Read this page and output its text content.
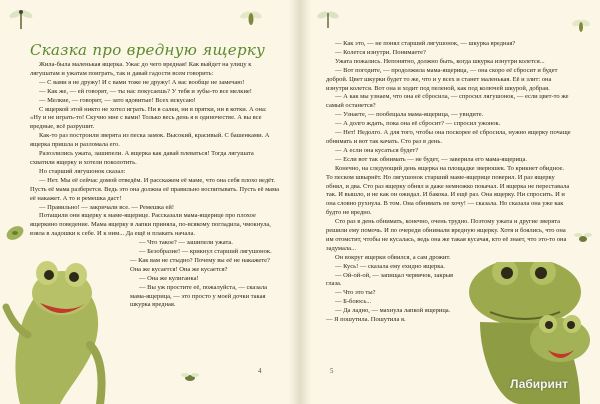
Сказка про вредную ящерку

Жила-была маленькая ящерка. Ужас до чего вредная! Как выйдет на улицу к лягушатам и ужатам поиграть, так и давай гадости всем говорить:

— С вами я не дружу! И с вами тоже не дружу! А вас вообще не замечаю!

— Как же, — ей говорят, — ты нас покусаешь? У тебя и зубы-то все мелкие!

— Мелкие, — говорит, — зато ядовитые! Всех искусаю!

С ящеркой этой никто не хотел играть. Ни в салки, ни в прятки, ни в котки. А она: «Ну и не играть-то! Скучно мне с вами! Только весь день я в одиночестве. А вы все вредные, всё разрушит.

Как-то раз построили зверята из песка замок. Высокий, красивый. С башенками. А ящерка пришла и разломала его.

Разозлились ужата, зашипели. А ящерка как давай плеваться! Тогда лягушата схватили ящерку и хотели поколотить.

Но старший лягушонок сказал:

— Нет. Мы её сейчас домой отведём. И расскажем её маме, что она себя плохо ведёт. Пусть её мама разберется. Ведь это она должна её правильно воспитывать. Пусть её мама её накажет. А то и ремешка даст!

— Правильно! — закричали все. — Ремешка ей!

Потащили они ящерку к маме-ящерице. Рассказали мама-ящерице про плохое ящеркино поведение. Мама ящерку в лапки приняла, по-всякому погладила, чмокнула, взяла в ладошки к себе. И к ним... Да ещё и плакать начала.

— Что такое? — зашипели ужата.

— Безобразие! — крикнул старший лягушонок. — Как вам не стыдно? Почему вы её не накажете? Она же кусается! Она же кусается?

— Она же кулиганка!

— Вы уж простите её, пожалуйста, — сказала мама-ящерица, — это просто у моей дочки такая шкурка вредная.

4

— Как это, — не понял старший лягушонок, — шкурка вредная?

— Колется изнутри. Понимаете?

Ужата пожались. Непонятно, должно быть, когда шкурка изнутри колется...

— Вот погодите, — продолжила мама-ящерица, — она скоро её сбросит и будет доброй. Цвет шкурки будет то же, что и у всех и станет маленькая. Её и злит: она изнутри колется. Вот она и ходит под пеленой, как под колючей шкурой, добрая.

— А как мы узнаем, что она её сбросила, — спросил лягушонок, — если цвет-то же самый останется?

— Узнаете, — пообещала мама-ящерица, — увидите.

— А долго ждать, пока она её сбросит? — спросил ужонок.

— Нет! Недолго. А для того, чтобы она поскорее её сбросила, нужно ящерку почаще обнимать и вот так качать. Сто раз в день.

— А если она кусаться будет?

— Если вот так обнимать — не будет, — заверила его мама-ящерица.

Конечно, на следующий день ящерка на площадке зверюшек. То крикнет обидное. То песком швырнёт. Но лягушонок старший маме-ящерице поверил. И раз ящерку обнял, и два. Сто раз ящерку обнял и даже немножко покачал. И ящерка не переставала так. И вышло, и не как он ожидал. И бакока. И ещё раз. Она ящерку. Ни спросить. И и она словно рухнула. В том. Она обнимать не хочу! — сказала. Но сказала она уже как будто не вредно.

Сто раз в день обнимать, конечно, очень трудно. Поэтому ужата и другие зверята решили ему помочь. И по очереди обнимали вредную ящерку. Хотя и боялись, что она им отомстит, чтобы не кусалась, ведь она же такая кусачая, кто её знает, что это-то она задумала...

Он вокруг ящерки обвился, а сам дрожит.

— Кусь! — сказала ему ехидно ящерка.

— Ой-ой-ой, — запищал червячок, закрыв глаза.

— Что это ты?

— Б-боюсь...

— Да ладно, — махнула лапкой ящерица. — Я пошутила. Пошутила я.

5
Лабиринт
